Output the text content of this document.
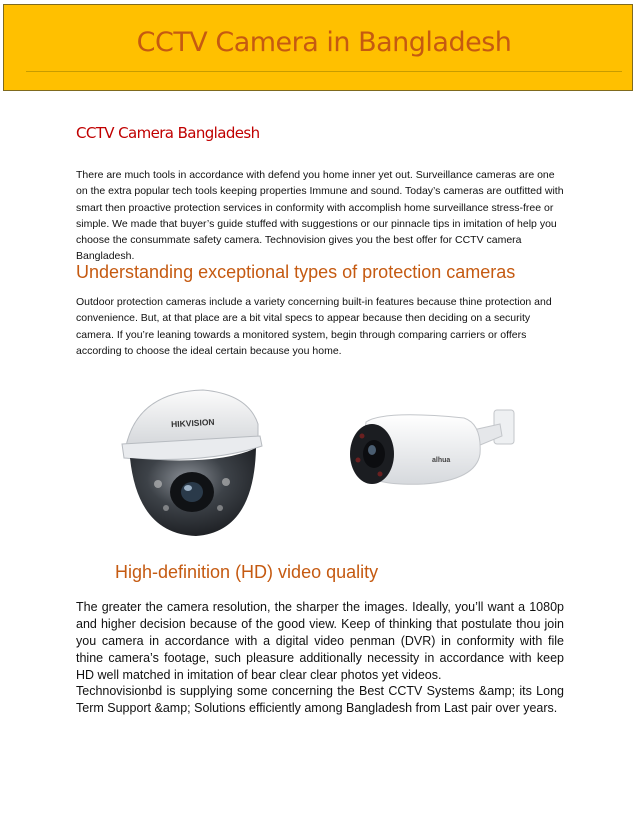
CCTV Camera in Bangladesh
CCTV Camera Bangladesh

There are much tools in accordance with defend you home inner yet out. Surveillance cameras are one on the extra popular tech tools keeping properties Immune and sound. Today’s cameras are outfitted with smart then proactive protection services in conformity with accomplish home surveillance stress-free or simple. We made that buyer’s guide stuffed with suggestions or our pinnacle tips in imitation of help you choose the consummate safety camera. Technovision gives you the best offer for CCTV camera Bangladesh.

Understanding exceptional types of protection cameras

Outdoor protection cameras include a variety concerning built-in features because thine protection and convenience. But, at that place are a bit vital specs to appear because then deciding on a security camera. If you’re leaning towards a monitored system, begin through comparing carriers or offers according to choose the ideal certain because you home.

HIKVISION
alhua
High-definition (HD) video quality

The greater the camera resolution, the sharper the images. Ideally, you’ll want a 1080p and higher decision because of the good view. Keep of thinking that postulate thou join you camera in accordance with a digital video penman (DVR) in conformity with file thine camera’s footage, such pleasure additionally necessity in accordance with keep HD well matched in imitation of bear clear clear photos yet videos.

Technovisionbd is supplying some concerning the Best CCTV Systems &amp; its Long Term Support &amp; Solutions efficiently among Bangladesh from Last pair over years.
